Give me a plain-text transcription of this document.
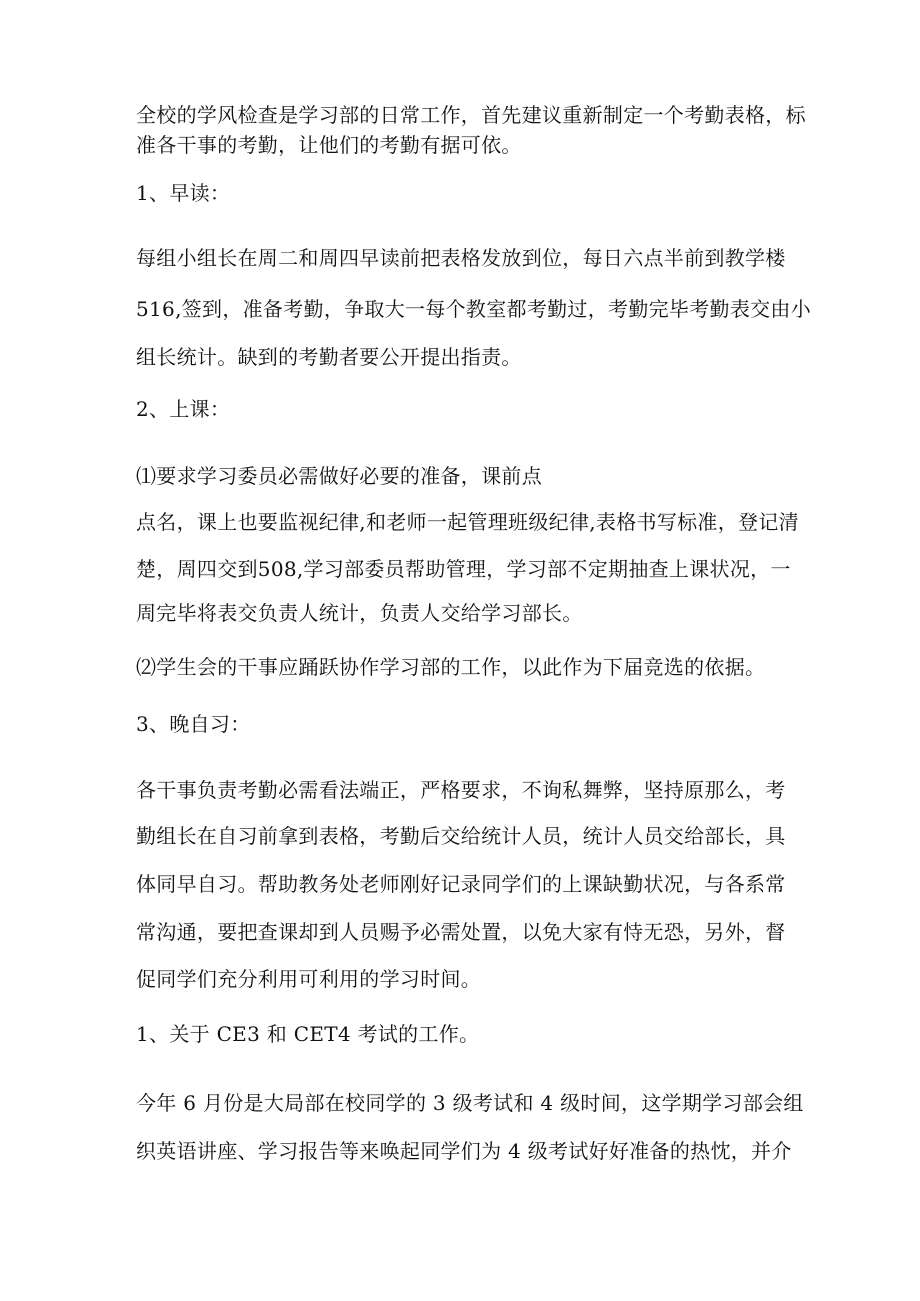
全校的学风检查是学习部的日常工作，首先建议重新制定一个考勤表格，标

准各干事的考勤，让他们的考勤有据可依。

1、早读：

每组小组长在周二和周四早读前把表格发放到位，每日六点半前到教学楼

516,签到，准备考勤，争取大一每个教室都考勤过，考勤完毕考勤表交由小

组长统计。缺到的考勤者要公开提出指责。

2、上课：

⑴要求学习委员必需做好必要的准备，课前点

点名，课上也要监视纪律,和老师一起管理班级纪律,表格书写标准，登记清

楚，周四交到508,学习部委员帮助管理，学习部不定期抽查上课状况，一

周完毕将表交负责人统计，负责人交给学习部长。

⑵学生会的干事应踊跃协作学习部的工作，以此作为下届竞选的依据。

3、晚自习：

各干事负责考勤必需看法端正，严格要求，不询私舞弊，坚持原那么，考

勤组长在自习前拿到表格，考勤后交给统计人员，统计人员交给部长，具

体同早自习。帮助教务处老师刚好记录同学们的上课缺勤状况，与各系常

常沟通，要把查课却到人员赐予必需处置，以免大家有恃无恐，另外，督

促同学们充分利用可利用的学习时间。

1、关于 CE3 和 CET4 考试的工作。

今年 6 月份是大局部在校同学的 3 级考试和 4 级时间，这学期学习部会组

织英语讲座、学习报告等来唤起同学们为 4 级考试好好准备的热忱，并介
